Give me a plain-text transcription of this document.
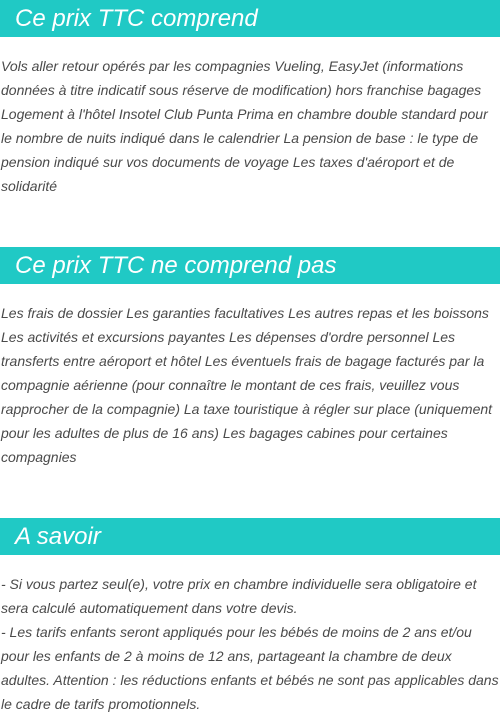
Ce prix TTC comprend

Vols aller retour opérés par les compagnies Vueling, EasyJet (informations données à titre indicatif sous réserve de modification) hors franchise bagages Logement à l'hôtel Insotel Club Punta Prima en chambre double standard pour le nombre de nuits indiqué dans le calendrier La pension de base : le type de pension indiqué sur vos documents de voyage Les taxes d'aéroport et de solidarité

Ce prix TTC ne comprend pas

Les frais de dossier Les garanties facultatives Les autres repas et les boissons Les activités et excursions payantes Les dépenses d'ordre personnel Les transferts entre aéroport et hôtel Les éventuels frais de bagage facturés par la compagnie aérienne (pour connaître le montant de ces frais, veuillez vous rapprocher de la compagnie) La taxe touristique à régler sur place (uniquement pour les adultes de plus de 16 ans) Les bagages cabines pour certaines compagnies

A savoir

- Si vous partez seul(e), votre prix en chambre individuelle sera obligatoire et sera calculé automatiquement dans votre devis.

- Les tarifs enfants seront appliqués pour les bébés de moins de 2 ans et/ou pour les enfants de 2 à moins de 12 ans, partageant la chambre de deux adultes. Attention : les réductions enfants et bébés ne sont pas applicables dans le cadre de tarifs promotionnels.
